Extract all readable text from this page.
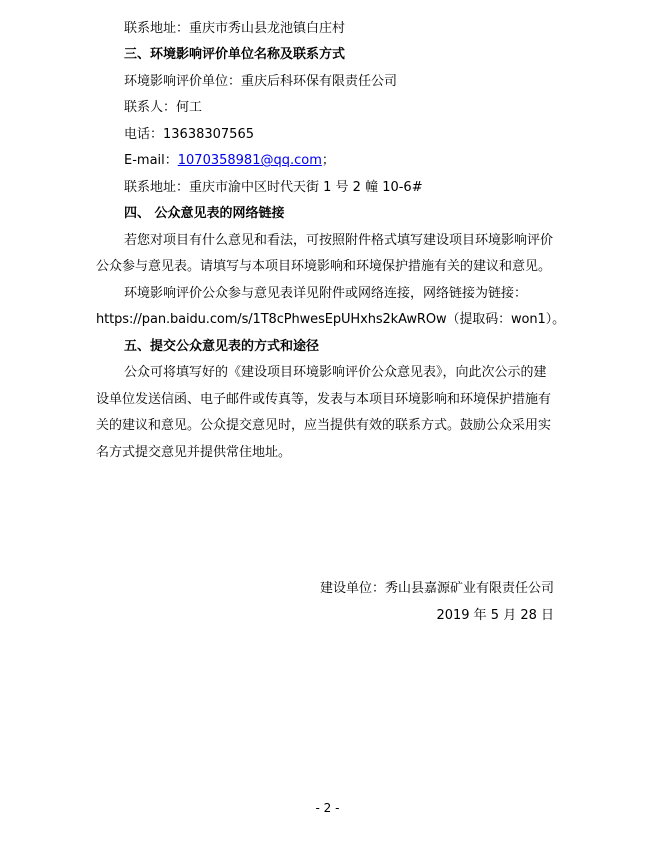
联系地址：重庆市秀山县龙池镇白庄村
三、环境影响评价单位名称及联系方式
环境影响评价单位：重庆后科环保有限责任公司
联系人：何工
电话：13638307565
E-mail：1070358981@qq.com；
联系地址：重庆市渝中区时代天街 1 号 2 幢 10-6#
四、 公众意见表的网络链接
若您对项目有什么意见和看法，可按照附件格式填写建设项目环境影响评价
公众参与意见表。请填写与本项目环境影响和环境保护措施有关的建议和意见。
环境影响评价公众参与意见表详见附件或网络连接，网络链接为链接：
https://pan.baidu.com/s/1T8cPhwesEpUHxhs2kAwROw（提取码：won1）。
五、提交公众意见表的方式和途径
公众可将填写好的《建设项目环境影响评价公众意见表》，向此次公示的建
设单位发送信函、电子邮件或传真等，发表与本项目环境影响和环境保护措施有
关的建议和意见。公众提交意见时，应当提供有效的联系方式。鼓励公众采用实
名方式提交意见并提供常住地址。
建设单位：秀山县嘉源矿业有限责任公司
2019 年 5 月 28 日
- 2 -
